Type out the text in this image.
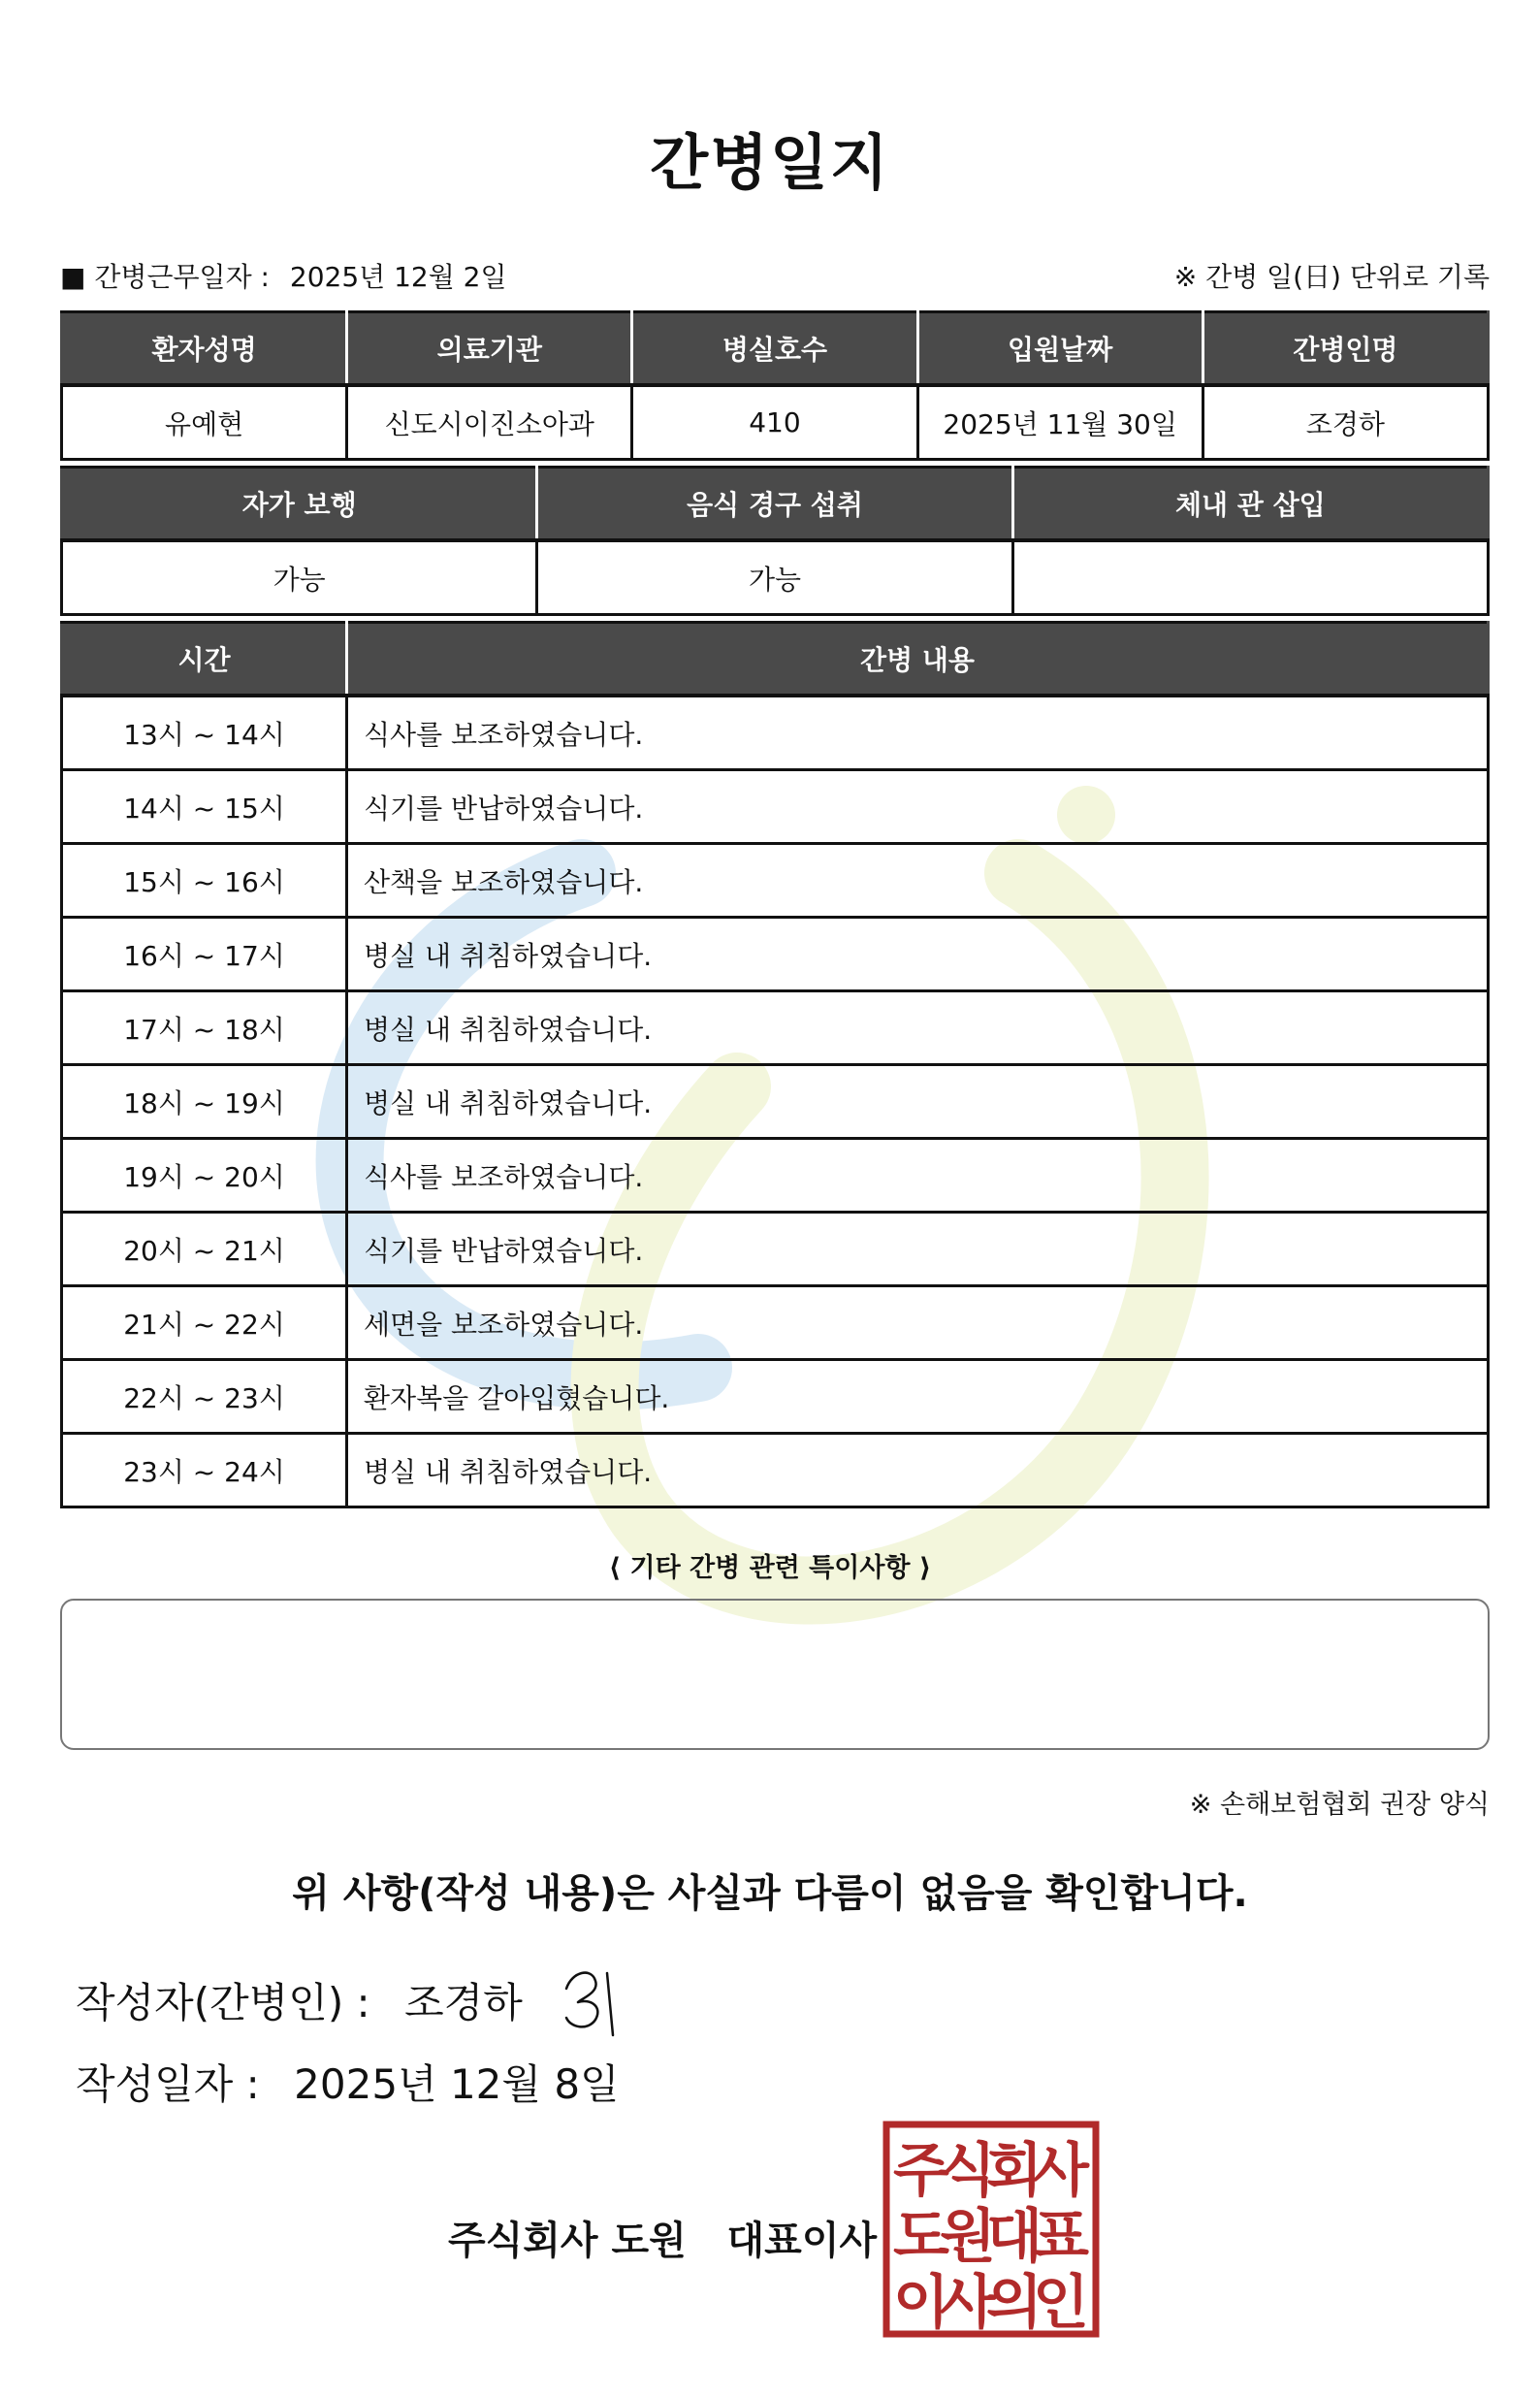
간병일지
■ 간병근무일자 : 2025년 12월 2일	※ 간병 일(日) 단위로 기록
환자성명	의료기관	병실호수	입원날짜	간병인명
유예현	신도시이진소아과	410	2025년 11월 30일	조경하
자가 보행	음식 경구 섭취	체내 관 삽입
가능	가능	
시간	간병 내용
13시 ~ 14시	식사를 보조하였습니다.
14시 ~ 15시	식기를 반납하였습니다.
15시 ~ 16시	산책을 보조하였습니다.
16시 ~ 17시	병실 내 취침하였습니다.
17시 ~ 18시	병실 내 취침하였습니다.
18시 ~ 19시	병실 내 취침하였습니다.
19시 ~ 20시	식사를 보조하였습니다.
20시 ~ 21시	식기를 반납하였습니다.
21시 ~ 22시	세면을 보조하였습니다.
22시 ~ 23시	환자복을 갈아입혔습니다.
23시 ~ 24시	병실 내 취침하였습니다.
⟨ 기타 간병 관련 특이사항 ⟩
※ 손해보험협회 권장 양식
위 사항(작성 내용)은 사실과 다름이 없음을 확인합니다.
작성자(간병인) : 조경하
작성일자 : 2025년 12월 8일
주식회사 도원   대표이사
주
식
회
사
도
원
대
표
이
사
의
인
